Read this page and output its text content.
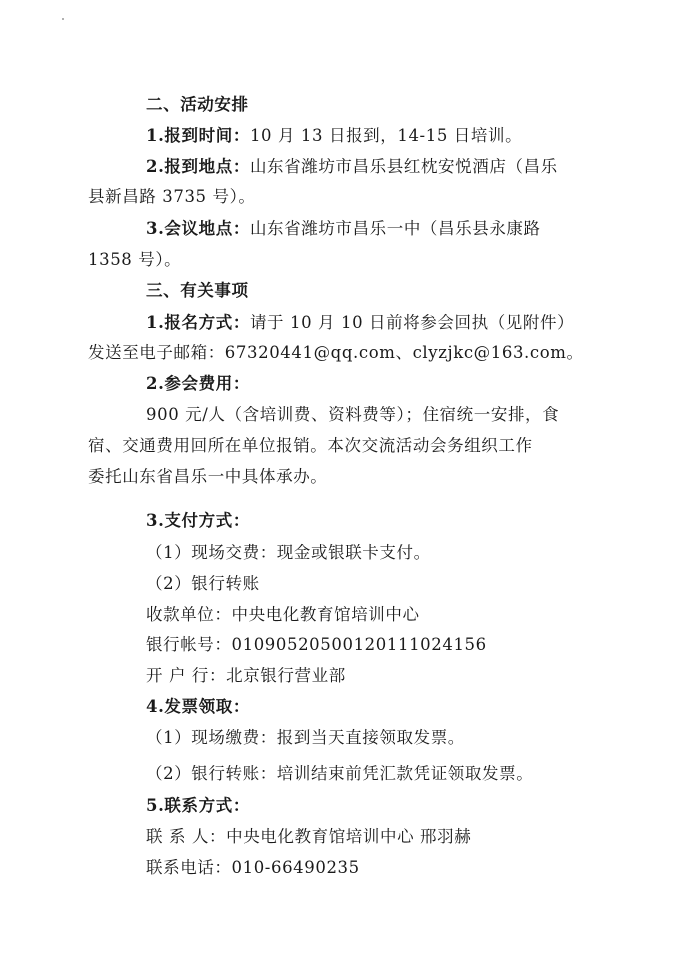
二、活动安排
1.报到时间：10 月 13 日报到，14-15 日培训。
2.报到地点：山东省潍坊市昌乐县红枕安悦酒店（昌乐
县新昌路 3735 号）。
3.会议地点：山东省潍坊市昌乐一中（昌乐县永康路
1358 号）。
三、有关事项
1.报名方式：请于 10 月 10 日前将参会回执（见附件）
发送至电子邮箱：67320441@qq.com、clyzjkc@163.com。
2.参会费用：
900 元/人（含培训费、资料费等）；住宿统一安排，食
宿、交通费用回所在单位报销。本次交流活动会务组织工作
委托山东省昌乐一中具体承办。
3.支付方式：
（1）现场交费：现金或银联卡支付。
（2）银行转账
收款单位：中央电化教育馆培训中心
银行帐号：01090520500120111024156
开 户 行：北京银行营业部
4.发票领取：
（1）现场缴费：报到当天直接领取发票。
（2）银行转账：培训结束前凭汇款凭证领取发票。
5.联系方式：
联 系 人：中央电化教育馆培训中心 邢羽赫
联系电话：010-66490235
